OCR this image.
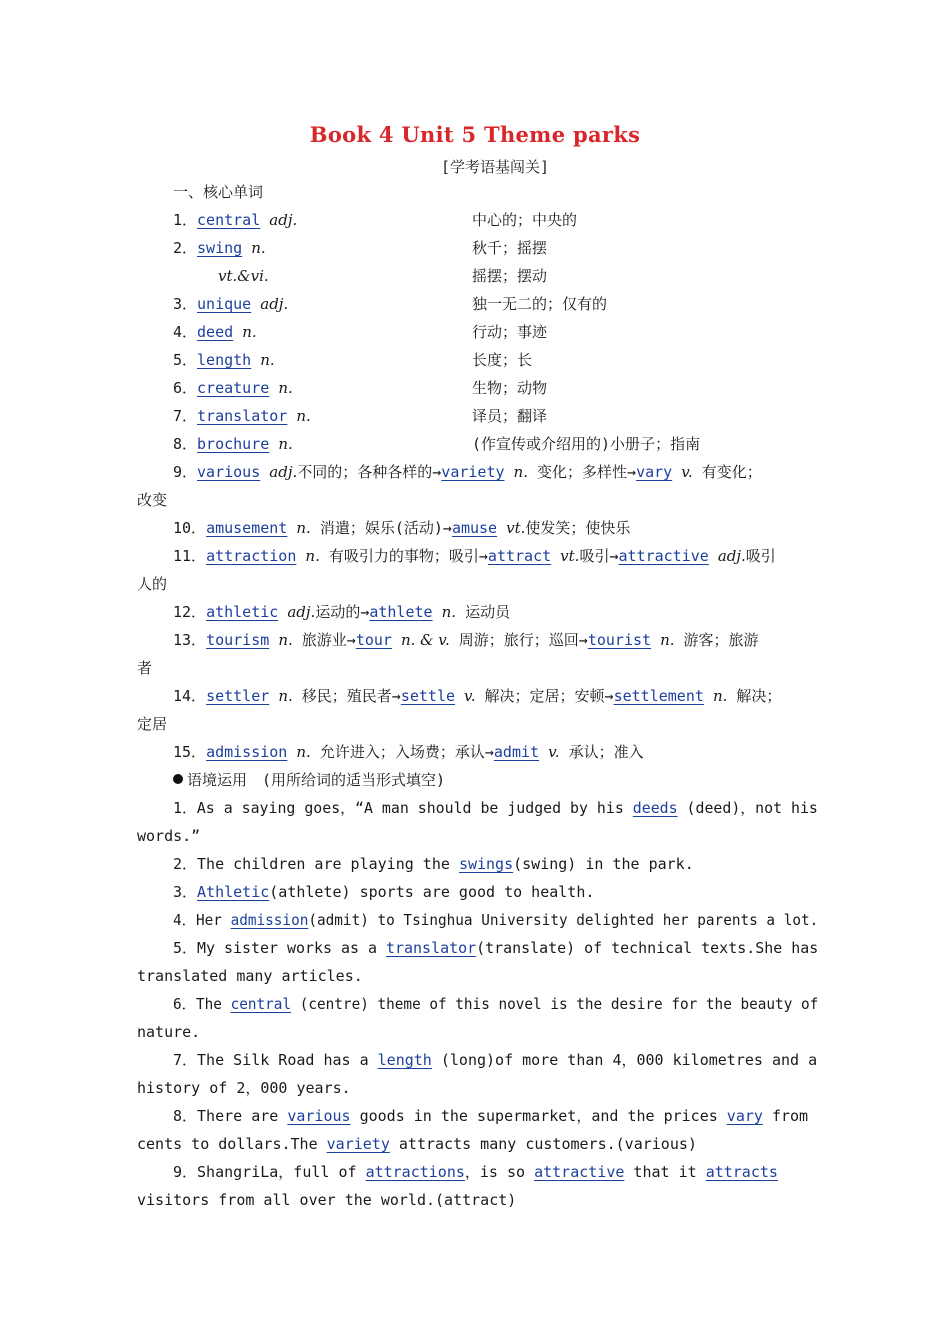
Book 4 Unit 5 Theme parks
[学考语基闯关]
一、核心单词
1．central adj.	中心的；中央的
2．swing n.	秋千；摇摆
vt.&vi.	摇摆；摆动
3．unique adj.	独一无二的；仅有的
4．deed n.	行动；事迹
5．length n.	长度；长
6．creature n.	生物；动物
7．translator n.	译员；翻译
8．brochure n.	(作宣传或介绍用的)小册子；指南
9．various adj.不同的；各种各样的→variety n. 变化；多样性→vary v. 有变化；
改变
10．amusement n. 消遣；娱乐(活动)→amuse vt.使发笑；使快乐
11．attraction n. 有吸引力的事物；吸引→attract vt.吸引→attractive adj.吸引
人的
12．athletic adj.运动的→athlete n. 运动员
13．tourism n. 旅游业→tour n. & v. 周游；旅行；巡回→tourist n. 游客；旅游
者
14．settler n. 移民；殖民者→settle v. 解决；定居；安顿→settlement n. 解决；
定居
15．admission n. 允许进入；入场费；承认→admit v. 承认；准入
语境运用　(用所给词的适当形式填空)
1．As a saying goes，“A man should be judged by his deeds (deed)，not his
words.”
2．The children are playing the swings(swing) in the park.
3．Athletic(athlete) sports are good to health.
4．Her admission(admit) to Tsinghua University delighted her parents a lot.
5．My sister works as a translator(translate) of technical texts.She has
translated many articles.
6．The central (centre) theme of this novel is the desire for the beauty of
nature.
7．The Silk Road has a length (long)of more than 4，000 kilometres and a
history of 2，000 years.
8．There are various goods in the supermarket，and the prices vary from
cents to dollars.The variety attracts many customers.(various)
9．ShangriLa，full of attractions，is so attractive that it attracts
visitors from all over the world.(attract)
